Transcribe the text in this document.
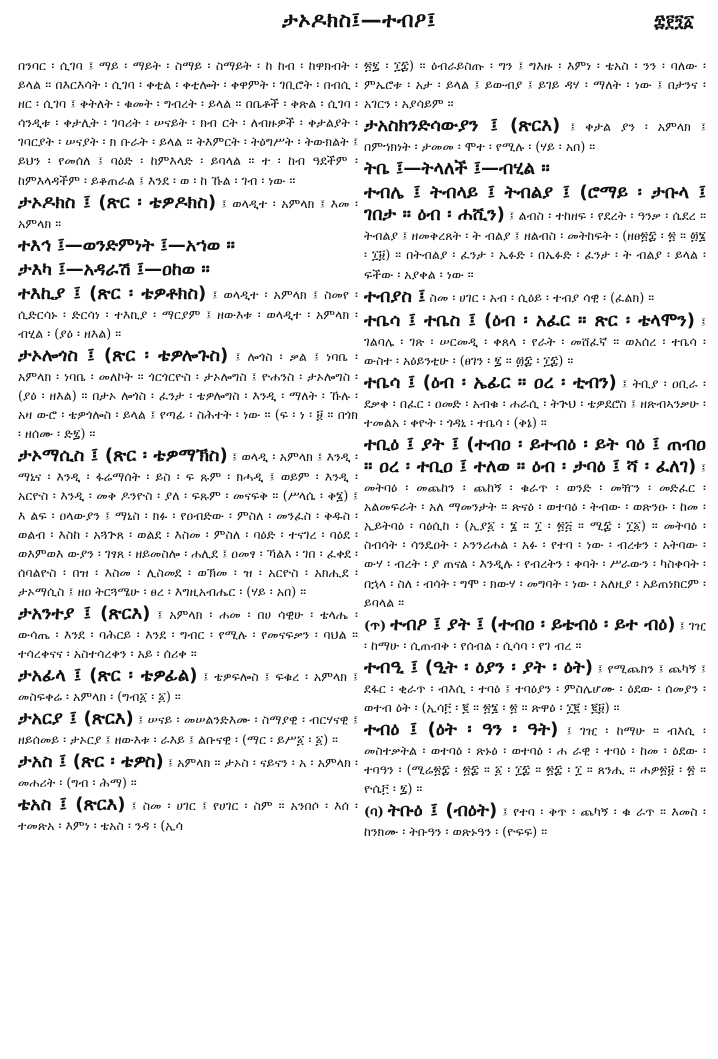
ታኦዶክስ፤—ተብዖ፤	፰፻፺፩

በንባር ፡ ሲገባ ፤ ማይ ፡ ማይት ፡ ስማይ ፡ ስማይት ፡ ከ ከብ ፡ ከዋክብት ፡ ይላል ። በእርእሳት ፡ ሲገባ ፡ ቀቲል ፡ ቀቲሎት ፡ ቀዋምት ፡ ገቢሮት ፡ በብሲ ፡ ዘር ፡ ሲገባ ፤ ቅትለት ፡ ቁመት ፡ ግብረት ፡ ይላል ። በቤቶች ፡ ቅጽል ፡ ሲገባ ፡ ሳንዲቱ ፡ ቀታሊት ፡ ገባሪት ፡ ሠናይት ፡ ክብ ርት ፡ ለብዙዎች ፡ ቀታልያት ፡ ገባርያት ፡ ሠናያት ፡ ክ ቡራት ፡ ይላል ። ትእምርት ፡ ትዕግሥት ፡ ትውክልት ፤ ይህን ፡ የመሰለ ፤ ባዕድ ፡ ከምእላድ ፡ ይባላል ። ተ ፡ ከብ ዓደችም ፡ ከምእላዳችም ፡ ይቆጠራል ፤ እንደ ፡ ወ ፡ ከ ኹል ፡ ገብ ፡ ነው ።

ታኦዶክስ ፤ (ጽር ፡ ቴዎዶክስ) ፤ ወላዲተ ፡ አምላክ ፤ እመ ፡ አምላክ ።

ተእኅ ፤—ወንድምነት ፤—አኀወ ።

ታእካ ፤—አዳራሽ ፤—ዐከወ ።

ተእኪያ ፤ (ጽር ፡ ቴዎቶክስ) ፤ ወላዲተ ፡ አምላክ ፤ ስመየ ፡ ሲድርሳኑ ፡ ድርሳነ ፡ ተእኪያ ፡ ማርያም ፤ ዘውእቱ ፡ ወላዲተ ፡ አምላክ ፡ ብሂል ፡ (ያዕ ፡ ዘእል) ።

ታኦሎጎስ ፤ (ጽር ፡ ቴዎሎጉስ) ፤ ሎጎስ ፡ ቃል ፤ ነባቤ ፡ አምላክ ፡ ነባቤ ፡ መለኮት ። ጎርጎርዮስ ፡ ታኦሎግስ ፤ ዮሐንስ ፡ ታኦሎግስ ፡ (ያዕ ፡ ዘእል) ። በታኦ ሎጎስ ፡ ፈንታ ፡ ቴዎሎግስ ፡ እንዲ ፡ ማለት ፡ ኹሉ ፡ አዛ ውሮ ፡ ቴዎጎሎስ ፡ ይላል ፤ የጣፊ ፡ ስሕተት ፡ ነው ። (ፍ ፡ ነ ፡ ፱ ። በጎክ ፡ ዘሰሙ ፡ ድ፯) ።

ታኦማሲስ ፤ (ጽር ፡ ቴዎማኽስ) ፤ ወላዲ ፡ አምላክ ፤ እንዲ ፡ ማኒና ፡ እንዲ ፡ ፋሬማሰት ፡ ይስ ፡ ፍ ጹም ፡ ክሓዲ ፤ ወይም ፡ እንዲ ፡ አርዮስ ፡ እንዲ ፡ መቅ ዶንዮስ ፡ ያለ ፡ ፍጹም ፡ መናፍቅ ። (ሥላሴ ፡ ቅ፮) ፤ እ ልፍ ፡ ዐላውያን ፤ ማኒስ ፡ ክፉ ፡ የዐብድው ፡ ምስለ ፡ መንፈስ ፡ ቅዱስ ፡ ወልብ ፡ እስከ ፡ አጓጕጸ ፡ ወልደ ፡ እስመ ፡ ምስለ ፡ ባዕድ ፡ ተናገረ ፡ ባዕደ ፡ ወእምወእ ውያን ፡ ገፃጸ ፡ ዘይመስሎ ፡ ሐሊደ ፤ ዐመፃ ፡ ኻልእ ፡ ገበ ፡ ፈቀደ ፡ ሰባልዮስ ፡ በዝ ፡ እስመ ፡ ሊስመደ ፡ ወኽመ ፡ ዝ ፡ አርዮስ ፡ አክሒደ ፡ ታኦማሲስ ፤ ዘዐ ትርጓሜሁ ፡ ፀረ ፡ እግዚአብሔር ፡ (ሃይ ፡ አበ) ።

ታአንተያ ፤ (ጽርእ) ፤ አምላክ ፡ ሐመ ፡ በሀ ሳዊሁ ፡ ቴላሔ ፡ ውሳጤ ፡ እንደ ፡ ባሕርይ ፡ እንደ ፡ ግብር ፡ የሚሉ ፡ የመናፍቃን ፡ ባህል ። ተሳረቀናና ፡ አስተሳረቀን ፡ አይ ፡ ሰሪቀ ።

ታአፊላ ፤ (ጽር ፡ ቴዎፊል) ፤ ቴዎፍሎስ ፤ ፍቁረ ፡ አምላክ ፤ መስፍቀሬ ፡ አምላክ ፡ (ግብ፩ ፡ ፩) ።

ታአርያ ፤ (ጽርእ) ፤ ሠናይ ፡ መሠልንድእሙ ፡ ስማያዊ ፡ ብርሃናዊ ፤ ዘይሰመይ ፡ ታኦርያ ፤ ዘውእቱ ፡ ራእይ ፤ ልቡናዊ ፡ (ማር ፡ ይሥ፩ ፡ ፩) ።

ታአስ ፤ (ጽር ፡ ቴዎስ) ፤ አምላክ ። ታኦስ ፡ ናይናን ፡ አ ፡ አምላክ ፡ መሐሪት ፡ (ግብ ፡ ሕማ) ።

ቴአስ ፤ (ጽርእ) ፤ ስመ ፡ ሀገር ፤ የሀገር ፡ ስም ። አንበሶ ፡ እሰ ፡ ተመጽአ ፡ እምነ ፡ ቴአስ ፡ ንዳ ፡ (ኢሳ

፳፯ ፡ ፲፰) ። ዕብራይስጡ ፡ ግን ፤ ግእዙ ፡ እምነ ፡ ቴአስ ፡ ንን ፡ ባለው ፡ ምኤሮቱ ፡ አታ ፡ ይላል ፤ ይውብያ ፤ ይገይ ዳሃ ፡ ማለት ፡ ነው ፤ በታንና ፡ አገርን ፡ አያሳይም ።

ታአስክንድሳውያን ፤ (ጽርእ) ፤ ቀታል ያን ፡ አምላክ ፤ በምኀክነት ፡ ታመመ ፡ ሞተ ፡ የሚሉ ፡ (ሃይ ፡ አበ) ።

ትቤ ፤—ትላለች ፤—ብሂል ።

ተብሌ ፤ ትብላይ ፤ ትብልያ ፤ (ሮማይ ፡ ታቡላ ፤ ገበታ ። ዕብ ፡ ሐሺን) ፤ ልብስ ፡ ተከዘፍ ፡ የደረት ፡ ዓንቃ ፡ ሴደረ ። ትብልያ ፤ ዘመቅረጸት ፡ ት ብልያ ፤ ዘልብስ ፡ መትከፍት ፡ (ዘፀ፳፰ ፡ ፳ ። ፴፮ ፡ ፲፱) ። በትብልያ ፡ ፈንታ ፡ ኤፉድ ፡ በኤፉድ ፡ ፈንታ ፡ ት ብልያ ፡ ይላል ፡ ፍችው ፡ አያቀል ፡ ነው ።

ተብያስ ፤ ስመ ፡ ሀገር ፡ አብ ፡ ሲዕይ ፡ ተብያ ሳዊ ፡ (ፈልክ) ።

ተቤሳ ፤ ተቤስ ፤ (ዕብ ፡ አፈር ። ጽር ፡ ቴላሞን) ፤ ገልባሌ ፡ ገጽ ፡ ሠርመዲ ፡ ቀጸላ ፡ የራት ፡ መሸፈኛ ። ወአሰረ ፡ ተቤሳ ፡ ውስተ ፡ አዕይንቲሁ ፡ (ፀገን ፡ ፯ ። ፴፰ ፡ ፲፰) ።

ተቤሳ ፤ (ዕብ ፡ ኤፊር ። ዐረ ፡ ቲብን) ፤ ትቢያ ፡ ዐቢራ ፡ ደቃቀ ፡ በፈር ፡ ዐመድ ፡ አብቁ ፡ ሐራሲ ፡ ትጕህ ፡ ቴዎደሮስ ፤ ዘጽብኣንቃሁ ፡ ተመልአ ፡ ቀዮት ፡ ጎዳኒ ፡ ተቤሳ ፡ (ቅኔ) ።

ተቢዕ ፤ ያት ፤ (ተብዐ ፡ ይተብዕ ፡ ይት ባዕ ፤ ጠብዐ ። ዐረ ፡ ተቢዐ ፤ ተለወ ። ዕብ ፡ ታባዕ ፤ ሻ ፡ ፈለገ) ፤ መትባዕ ፡ መጨከን ፡ ጨከኝ ፡ ቁራጥ ፡ ወንድ ፡ መዥን ፡ መድፈር ፡ አልመፍራት ፡ አለ ማመንታት ። ጽናዕ ፡ ወተባዕ ፡ ትብው ፡ ወጽንዑ ፡ ከመ ፡ ኢይትባዕ ፡ ባዕሲከ ፡ (ኢያ፩ ፡ ፮ ። ፲ ፡ ፳፭ ። ሚ፰ ፡ ፲፩) ። መትባዕ ፡ ስብሳት ፡ ሳንዴዐት ፡ ኦንንሪሐል ፡ አፉ ፡ የተባ ፡ ነው ፡ ብረቱን ፡ አትባው ፡ ውሃ ፡ ብረት ፡ ያ ጠናል ፡ እንዲሉ ፡ የብረትን ፡ ቀባት ፡ ሥራውን ፡ ካስቀባት ፡ በኋላ ፡ ስለ ፡ ብሳት ፡ ግሞ ፡ ክውሃ ፡ መግባት ፡ ነው ፡ አለዚያ ፡ አይጠነክርም ፡ ይባላል ።

(ጥ) ተብዖ ፤ ያት ፤ (ተብዐ ፡ ይቴብዕ ፡ ይተ ብዕ) ፤ ገዢ ፡ ከማሁ ፡ ሲጠብቅ ፡ የሰብል ፡ ሲሳባ ፡ የገ ብረ ።

ተብዒ ፤ (ዒት ፡ ዕያን ፡ ያት ፡ ዕት) ፤ የሚጨክን ፤ ጨካኝ ፤ ደፋር ፡ ቂራጥ ፡ ብእሲ ፡ ተባዕ ፤ ተባዕያን ፡ ምስሌሆሙ ፡ ዕደው ፡ ሰመያን ፡ ወተብ ዕት ፡ (ኢሳ፫ ፡ ፪ ። ፳፮ ፡ ፳ ። ጽዋዕ ፡ ፲፪ ፡ ፪፱) ።

ተብዕ ፤ (ዕት ፡ ዓን ፡ ዓት) ፤ ገዢ ፡ ከማሁ ። ብእሲ ፡ መስተቃትል ፡ ወተባዕ ፡ ጽኑዕ ፡ ወተባዕ ፡ ሐ ራዊ ፡ ተባዕ ፡ ከመ ፡ ዕደው ፡ ተባዓን ፡ (ሚሬ፳፰ ፡ ፳፰ ። ፩ ፡ ፲፰ ። ፳፰ ፡ ፲ ። ጸንሒ ። ሐዎ፳፱ ፡ ፳ ። ዮሴ፫ ፡ ፯) ።

(ባ) ትቡዕ ፤ (ብዕት) ፤ የተባ ፡ ቅጥ ፡ ጨካኝ ፡ ቁ ራጥ ። እመስ ፡ ከንክሙ ፡ ትቡዓን ፡ ወጽኑዓን ፡ (ዮፍፍ) ።
